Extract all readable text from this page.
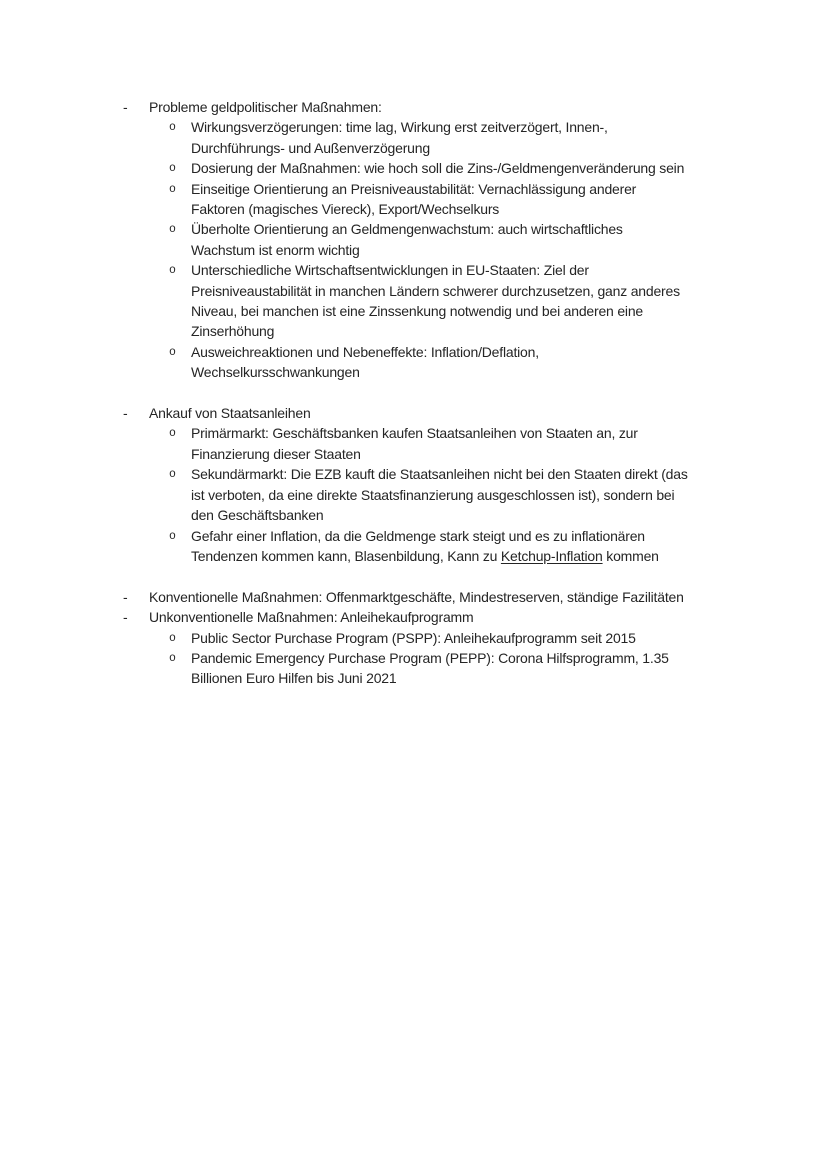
- Probleme geldpolitischer Maßnahmen:
o Wirkungsverzögerungen: time lag, Wirkung erst zeitverzögert, Innen-,
Durchführungs- und Außenverzögerung
o Dosierung der Maßnahmen: wie hoch soll die Zins-/Geldmengenveränderung sein
o Einseitige Orientierung an Preisniveaustabilität: Vernachlässigung anderer
Faktoren (magisches Viereck), Export/Wechselkurs
o Überholte Orientierung an Geldmengenwachstum: auch wirtschaftliches
Wachstum ist enorm wichtig
o Unterschiedliche Wirtschaftsentwicklungen in EU-Staaten: Ziel der
Preisniveaustabilität in manchen Ländern schwerer durchzusetzen, ganz anderes
Niveau, bei manchen ist eine Zinssenkung notwendig und bei anderen eine
Zinserhöhung
o Ausweichreaktionen und Nebeneffekte: Inflation/Deflation,
Wechselkursschwankungen
- Ankauf von Staatsanleihen
o Primärmarkt: Geschäftsbanken kaufen Staatsanleihen von Staaten an, zur
Finanzierung dieser Staaten
o Sekundärmarkt: Die EZB kauft die Staatsanleihen nicht bei den Staaten direkt (das
ist verboten, da eine direkte Staatsfinanzierung ausgeschlossen ist), sondern bei
den Geschäftsbanken
o Gefahr einer Inflation, da die Geldmenge stark steigt und es zu inflationären
Tendenzen kommen kann, Blasenbildung, Kann zu Ketchup-Inflation kommen
- Konventionelle Maßnahmen: Offenmarktgeschäfte, Mindestreserven, ständige Fazilitäten
- Unkonventionelle Maßnahmen: Anleihekaufprogramm
o Public Sector Purchase Program (PSPP): Anleihekaufprogramm seit 2015
o Pandemic Emergency Purchase Program (PEPP): Corona Hilfsprogramm, 1.35
Billionen Euro Hilfen bis Juni 2021
